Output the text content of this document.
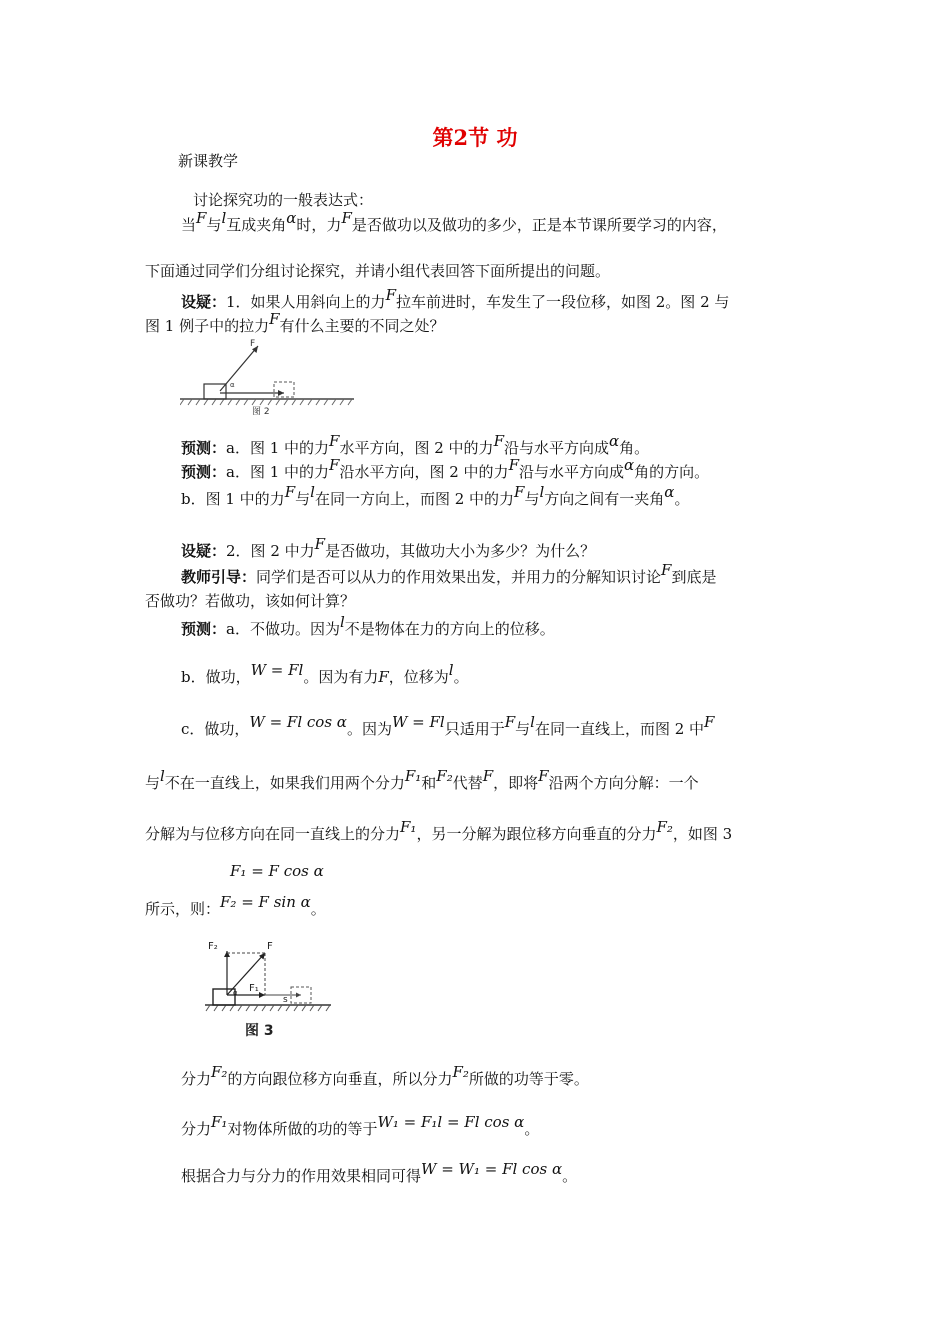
第2节 功
新课教学
讨论探究功的一般表达式：
当F与l互成夹角α时，力F是否做功以及做功的多少，正是本节课所要学习的内容，
下面通过同学们分组讨论探究，并请小组代表回答下面所提出的问题。
设疑：1．如果人用斜向上的力F拉车前进时，车发生了一段位移，如图 2。图 2 与
图 1 例子中的拉力F有什么主要的不同之处？
F
α
图 2
预测：a．图 1 中的力F水平方向，图 2 中的力F沿与水平方向成α角。
预测：a．图 1 中的力F沿水平方向，图 2 中的力F沿与水平方向成α角的方向。
b．图 1 中的力F与l在同一方向上，而图 2 中的力F与l方向之间有一夹角α。
设疑：2．图 2 中力F是否做功，其做功大小为多少？为什么？
教师引导：同学们是否可以从力的作用效果出发，并用力的分解知识讨论F到底是
否做功？若做功，该如何计算？
预测：a．不做功。因为l不是物体在力的方向上的位移。
b．做功，W = Fl。因为有力F，位移为l。
c．做功，W = Fl cos α。因为W = Fl只适用于F与l在同一直线上，而图 2 中F
与l不在一直线上，如果我们用两个分力F₁和F₂代替F，即将F沿两个方向分解：一个
分解为与位移方向在同一直线上的分力F₁，另一分解为跟位移方向垂直的分力F₂，如图 3
F₁ = F cos α
所示，则：F₂ = F sin α。
F₂	F
F₁
α
s
图 3
分力F₂的方向跟位移方向垂直，所以分力F₂所做的功等于零。
分力F₁对物体所做的功的等于W₁ = F₁l = Fl cos α。
根据合力与分力的作用效果相同可得W = W₁ = Fl cos α。
